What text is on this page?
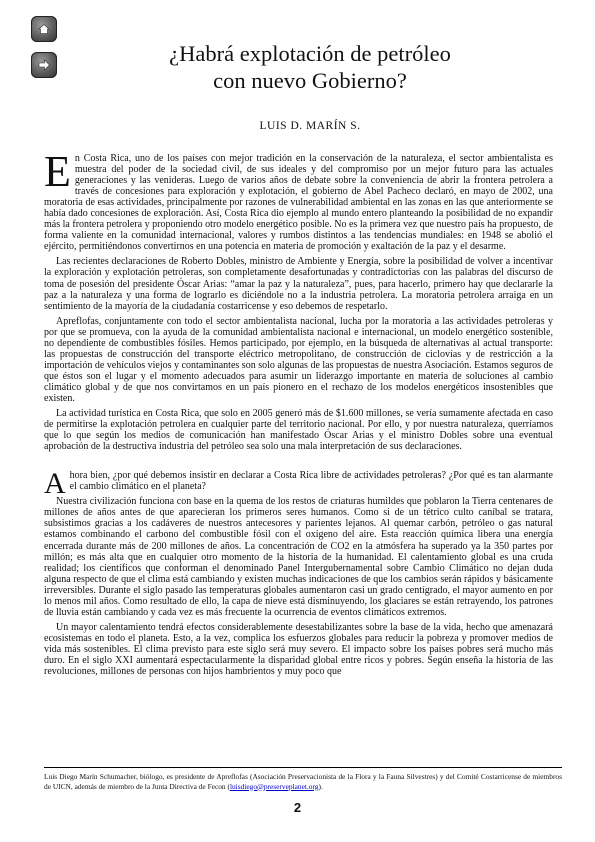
¿Habrá explotación de petróleo
con nuevo Gobierno?

LUIS D. MARÍN S.

En Costa Rica, uno de los países con mejor tradición en la conservación de la naturaleza, el sector ambientalista es muestra del poder de la sociedad civil, de sus ideales y del compromiso por un mejor futuro para las actuales generaciones y las venideras. Luego de varios años de debate sobre la conveniencia de abrir la frontera petrolera a través de concesiones para exploración y explotación, el gobierno de Abel Pacheco declaró, en mayo de 2002, una moratoria de esas actividades, principalmente por razones de vulnerabilidad ambiental en las zonas en las que anteriormente se había dado concesiones de exploración. Así, Costa Rica dio ejemplo al mundo entero planteando la posibilidad de no expandir más la frontera petrolera y proponiendo otro modelo energético posible. No es la primera vez que nuestro país ha propuesto, de forma valiente en la comunidad internacional, valores y rumbos distintos a las tendencias mundiales: en 1948 se abolió el ejército, permitiéndonos convertirnos en una potencia en materia de promoción y exaltación de la paz y el desarme.

Las recientes declaraciones de Roberto Dobles, ministro de Ambiente y Energía, sobre la posibilidad de volver a incentivar la exploración y explotación petroleras, son completamente desafortunadas y contradictorias con las palabras del discurso de toma de posesión del presidente Óscar Arias: “amar la paz y la naturaleza”, pues, para hacerlo, primero hay que declararle la paz a la naturaleza y una forma de lograrlo es diciéndole no a la industria petrolera. La moratoria petrolera arraiga en un sentimiento de la mayoría de la ciudadanía costarricense y eso debemos de respetarlo.

Apreflofas, conjuntamente con todo el sector ambientalista nacional, lucha por la moratoria a las actividades petroleras y por que se promueva, con la ayuda de la comunidad ambientalista nacional e internacional, un modelo energético sostenible, no dependiente de combustibles fósiles. Hemos participado, por ejemplo, en la búsqueda de alternativas al actual transporte: las propuestas de construcción del transporte eléctrico metropolitano, de construcción de ciclovías y de restricción a la importación de vehículos viejos y contaminantes son solo algunas de las propuestas de nuestra Asociación. Estamos seguros de que éstos son el lugar y el momento adecuados para asumir un liderazgo importante en materia de soluciones al cambio climático global y de que nos convirtamos en un país pionero en el rechazo de los modelos energéticos insostenibles que existen.

La actividad turística en Costa Rica, que solo en 2005 generó más de $1.600 millones, se vería sumamente afectada en caso de permitirse la explotación petrolera en cualquier parte del territorio nacional. Por ello, y por nuestra naturaleza, querríamos que lo que según los medios de comunicación han manifestado Óscar Arias y el ministro Dobles sobre una eventual aprobación de la destructiva industria del petróleo sea solo una mala interpretación de sus declaraciones.

Ahora bien, ¿por qué debemos insistir en declarar a Costa Rica libre de actividades petroleras? ¿Por qué es tan alarmante el cambio climático en el planeta?

Nuestra civilización funciona con base en la quema de los restos de criaturas humildes que poblaron la Tierra centenares de millones de años antes de que aparecieran los primeros seres humanos. Como si de un tétrico culto caníbal se tratara, subsistimos gracias a los cadáveres de nuestros antecesores y parientes lejanos. Al quemar carbón, petróleo o gas natural estamos combinando el carbono del combustible fósil con el oxígeno del aire. Esta reacción química libera una energía encerrada durante más de 200 millones de años. La concentración de CO2 en la atmósfera ha superado ya la 350 partes por millón; es más alta que en cualquier otro momento de la historia de la humanidad. El calentamiento global es una cruda realidad; los científicos que conforman el denominado Panel Intergubernamental sobre Cambio Climático no dejan duda alguna respecto de que el clima está cambiando y existen muchas indicaciones de que los cambios serán rápidos y básicamente irreversibles. Durante el siglo pasado las temperaturas globales aumentaron casi un grado centígrado, el mayor aumento en por lo menos mil años. Como resultado de ello, la capa de nieve está disminuyendo, los glaciares se están retrayendo, los patrones de lluvia están cambiando y cada vez es más frecuente la ocurrencia de eventos climáticos extremos.

Un mayor calentamiento tendrá efectos considerablemente desestabilizantes sobre la base de la vida, hecho que amenazará ecosistemas en todo el planeta. Esto, a la vez, complica los esfuerzos globales para reducir la pobreza y promover medios de vida más sostenibles. El clima previsto para este siglo será muy severo. El impacto sobre los países pobres será mucho más duro. En el siglo XXI aumentará espectacularmente la disparidad global entre ricos y pobres. Según enseña la historia de las revoluciones, millones de personas con hijos hambrientos y muy poco que

Luis Diego Marín Schumacher, biólogo, es presidente de Apreflofas (Asociación Preservacionista de la Flora y la Fauna Silvestres) y del Comité Costarricense de miembros de UICN, además de miembro de la Junta Directiva de Fecon (luisdiego@preserveplanet.org).

2
